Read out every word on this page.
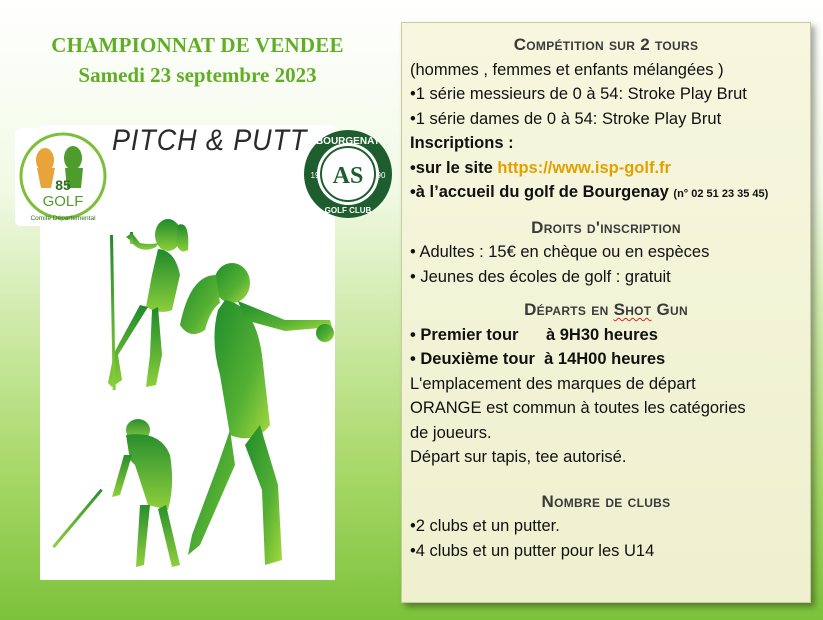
CHAMPIONNAT DE VENDEE
Samedi 23 septembre 2023
85
GOLF
Comité Départemental
PITCH & PUTT BOURGENAY
AS
19	90
GOLF CLUB
Compétition sur 2 tours
(hommes , femmes et enfants mélangées )
•1 série messieurs de 0 à 54: Stroke Play Brut
•1 série dames de 0 à 54: Stroke Play Brut
Inscriptions :
•sur le site https://www.isp-golf.fr
•à l’accueil du golf de Bourgenay (n° 02 51 23 35 45)
Droits d'inscription
• Adultes : 15€ en chèque ou en espèces
• Jeunes des écoles de golf : gratuit
Départs en Shot Gun
• Premier tour      à 9H30 heures
• Deuxième tour  à 14H00 heures
L'emplacement des marques de départ
ORANGE est commun à toutes les catégories
de joueurs.
Départ sur tapis, tee autorisé.
Nombre de clubs
•2 clubs et un putter.
•4 clubs et un putter pour les U14
